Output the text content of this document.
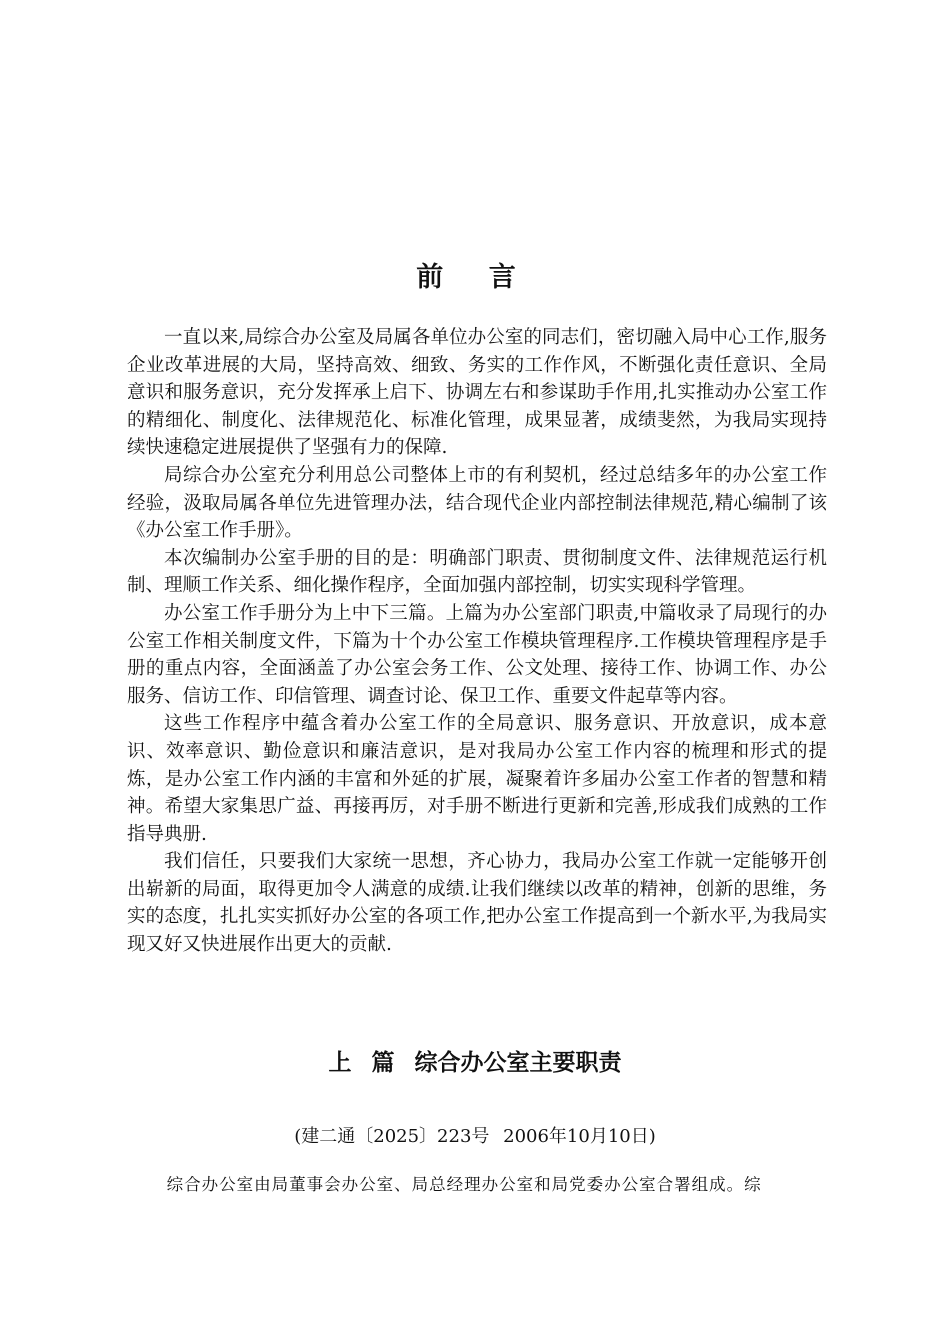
前 言

一直以来,局综合办公室及局属各单位办公室的同志们，密切融入局中心工作,服务企业改革进展的大局，坚持高效、细致、务实的工作作风，不断强化责任意识、全局意识和服务意识，充分发挥承上启下、协调左右和参谋助手作用,扎实推动办公室工作的精细化、制度化、法律规范化、标准化管理，成果显著，成绩斐然，为我局实现持续快速稳定进展提供了坚强有力的保障.

局综合办公室充分利用总公司整体上市的有利契机，经过总结多年的办公室工作经验，汲取局属各单位先进管理办法，结合现代企业内部控制法律规范,精心编制了该《办公室工作手册》。

本次编制办公室手册的目的是：明确部门职责、贯彻制度文件、法律规范运行机制、理顺工作关系、细化操作程序，全面加强内部控制，切实实现科学管理。

办公室工作手册分为上中下三篇。上篇为办公室部门职责,中篇收录了局现行的办公室工作相关制度文件，下篇为十个办公室工作模块管理程序.工作模块管理程序是手册的重点内容，全面涵盖了办公室会务工作、公文处理、接待工作、协调工作、办公服务、信访工作、印信管理、调查讨论、保卫工作、重要文件起草等内容。

这些工作程序中蕴含着办公室工作的全局意识、服务意识、开放意识，成本意识、效率意识、勤俭意识和廉洁意识，是对我局办公室工作内容的梳理和形式的提炼，是办公室工作内涵的丰富和外延的扩展，凝聚着许多届办公室工作者的智慧和精神。希望大家集思广益、再接再厉，对手册不断进行更新和完善,形成我们成熟的工作指导典册.

我们信任，只要我们大家统一思想，齐心协力，我局办公室工作就一定能够开创出崭新的局面，取得更加令人满意的成绩.让我们继续以改革的精神，创新的思维，务实的态度，扎扎实实抓好办公室的各项工作,把办公室工作提高到一个新水平,为我局实现又好又快进展作出更大的贡献.

上 篇 综合办公室主要职责
(建二通〔2025〕223号 2006年10月10日)
综合办公室由局董事会办公室、局总经理办公室和局党委办公室合署组成。综
